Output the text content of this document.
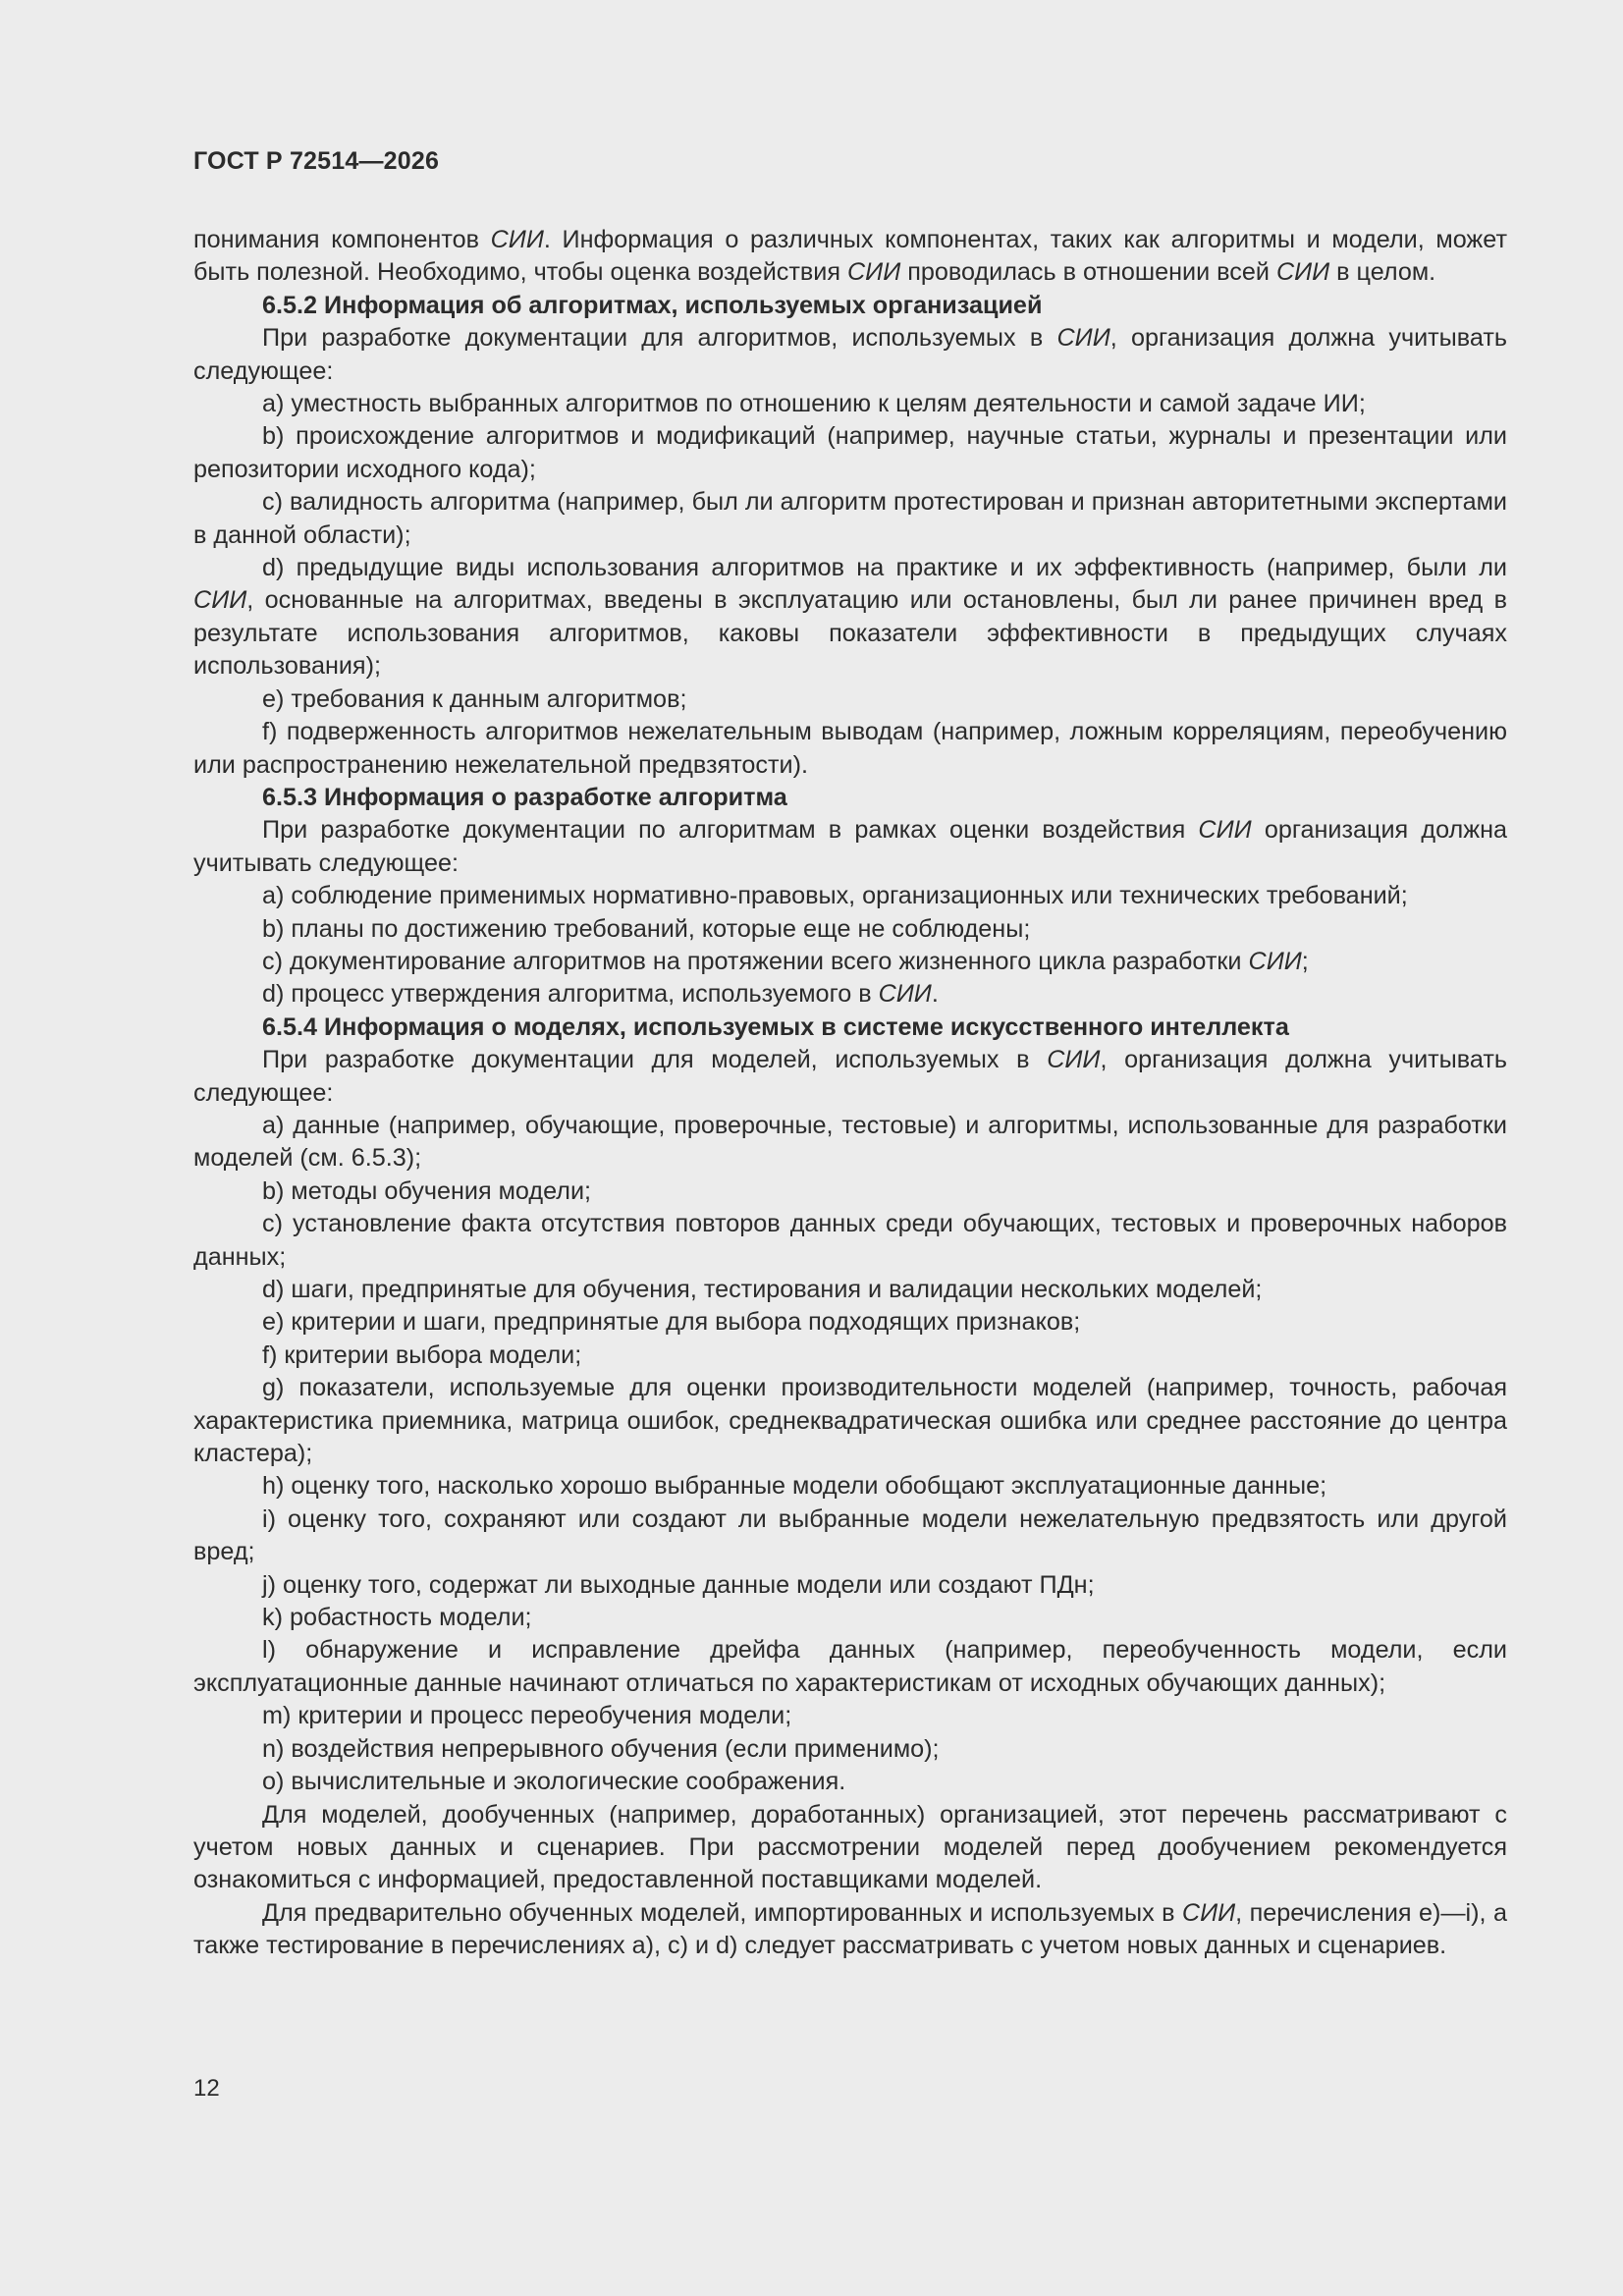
ГОСТ Р 72514—2026

понимания компонентов СИИ. Информация о различных компонентах, таких как алгоритмы и модели, может быть полезной. Необходимо, чтобы оценка воздействия СИИ проводилась в отношении всей СИИ в целом.

6.5.2 Информация об алгоритмах, используемых организацией

При разработке документации для алгоритмов, используемых в СИИ, организация должна учитывать следующее:

a) уместность выбранных алгоритмов по отношению к целям деятельности и самой задаче ИИ;

b) происхождение алгоритмов и модификаций (например, научные статьи, журналы и презентации или репозитории исходного кода);

c) валидность алгоритма (например, был ли алгоритм протестирован и признан авторитетными экспертами в данной области);

d) предыдущие виды использования алгоритмов на практике и их эффективность (например, были ли СИИ, основанные на алгоритмах, введены в эксплуатацию или остановлены, был ли ранее причинен вред в результате использования алгоритмов, каковы показатели эффективности в предыдущих случаях использования);

e) требования к данным алгоритмов;

f) подверженность алгоритмов нежелательным выводам (например, ложным корреляциям, переобучению или распространению нежелательной предвзятости).

6.5.3 Информация о разработке алгоритма

При разработке документации по алгоритмам в рамках оценки воздействия СИИ организация должна учитывать следующее:

a) соблюдение применимых нормативно-правовых, организационных или технических требований;

b) планы по достижению требований, которые еще не соблюдены;

c) документирование алгоритмов на протяжении всего жизненного цикла разработки СИИ;

d) процесс утверждения алгоритма, используемого в СИИ.

6.5.4 Информация о моделях, используемых в системе искусственного интеллекта

При разработке документации для моделей, используемых в СИИ, организация должна учитывать следующее:

a) данные (например, обучающие, проверочные, тестовые) и алгоритмы, использованные для разработки моделей (см. 6.5.3);

b) методы обучения модели;

c) установление факта отсутствия повторов данных среди обучающих, тестовых и проверочных наборов данных;

d) шаги, предпринятые для обучения, тестирования и валидации нескольких моделей;

e) критерии и шаги, предпринятые для выбора подходящих признаков;

f) критерии выбора модели;

g) показатели, используемые для оценки производительности моделей (например, точность, рабочая характеристика приемника, матрица ошибок, среднеквадратическая ошибка или среднее расстояние до центра кластера);

h) оценку того, насколько хорошо выбранные модели обобщают эксплуатационные данные;

i) оценку того, сохраняют или создают ли выбранные модели нежелательную предвзятость или другой вред;

j) оценку того, содержат ли выходные данные модели или создают ПДн;

k) робастность модели;

l) обнаружение и исправление дрейфа данных (например, переобученность модели, если эксплуатационные данные начинают отличаться по характеристикам от исходных обучающих данных);

m) критерии и процесс переобучения модели;

n) воздействия непрерывного обучения (если применимо);

o) вычислительные и экологические соображения.

Для моделей, дообученных (например, доработанных) организацией, этот перечень рассматривают с учетом новых данных и сценариев. При рассмотрении моделей перед дообучением рекомендуется ознакомиться с информацией, предоставленной поставщиками моделей.

Для предварительно обученных моделей, импортированных и используемых в СИИ, перечисления e)—i), а также тестирование в перечислениях a), c) и d) следует рассматривать с учетом новых данных и сценариев.

12
